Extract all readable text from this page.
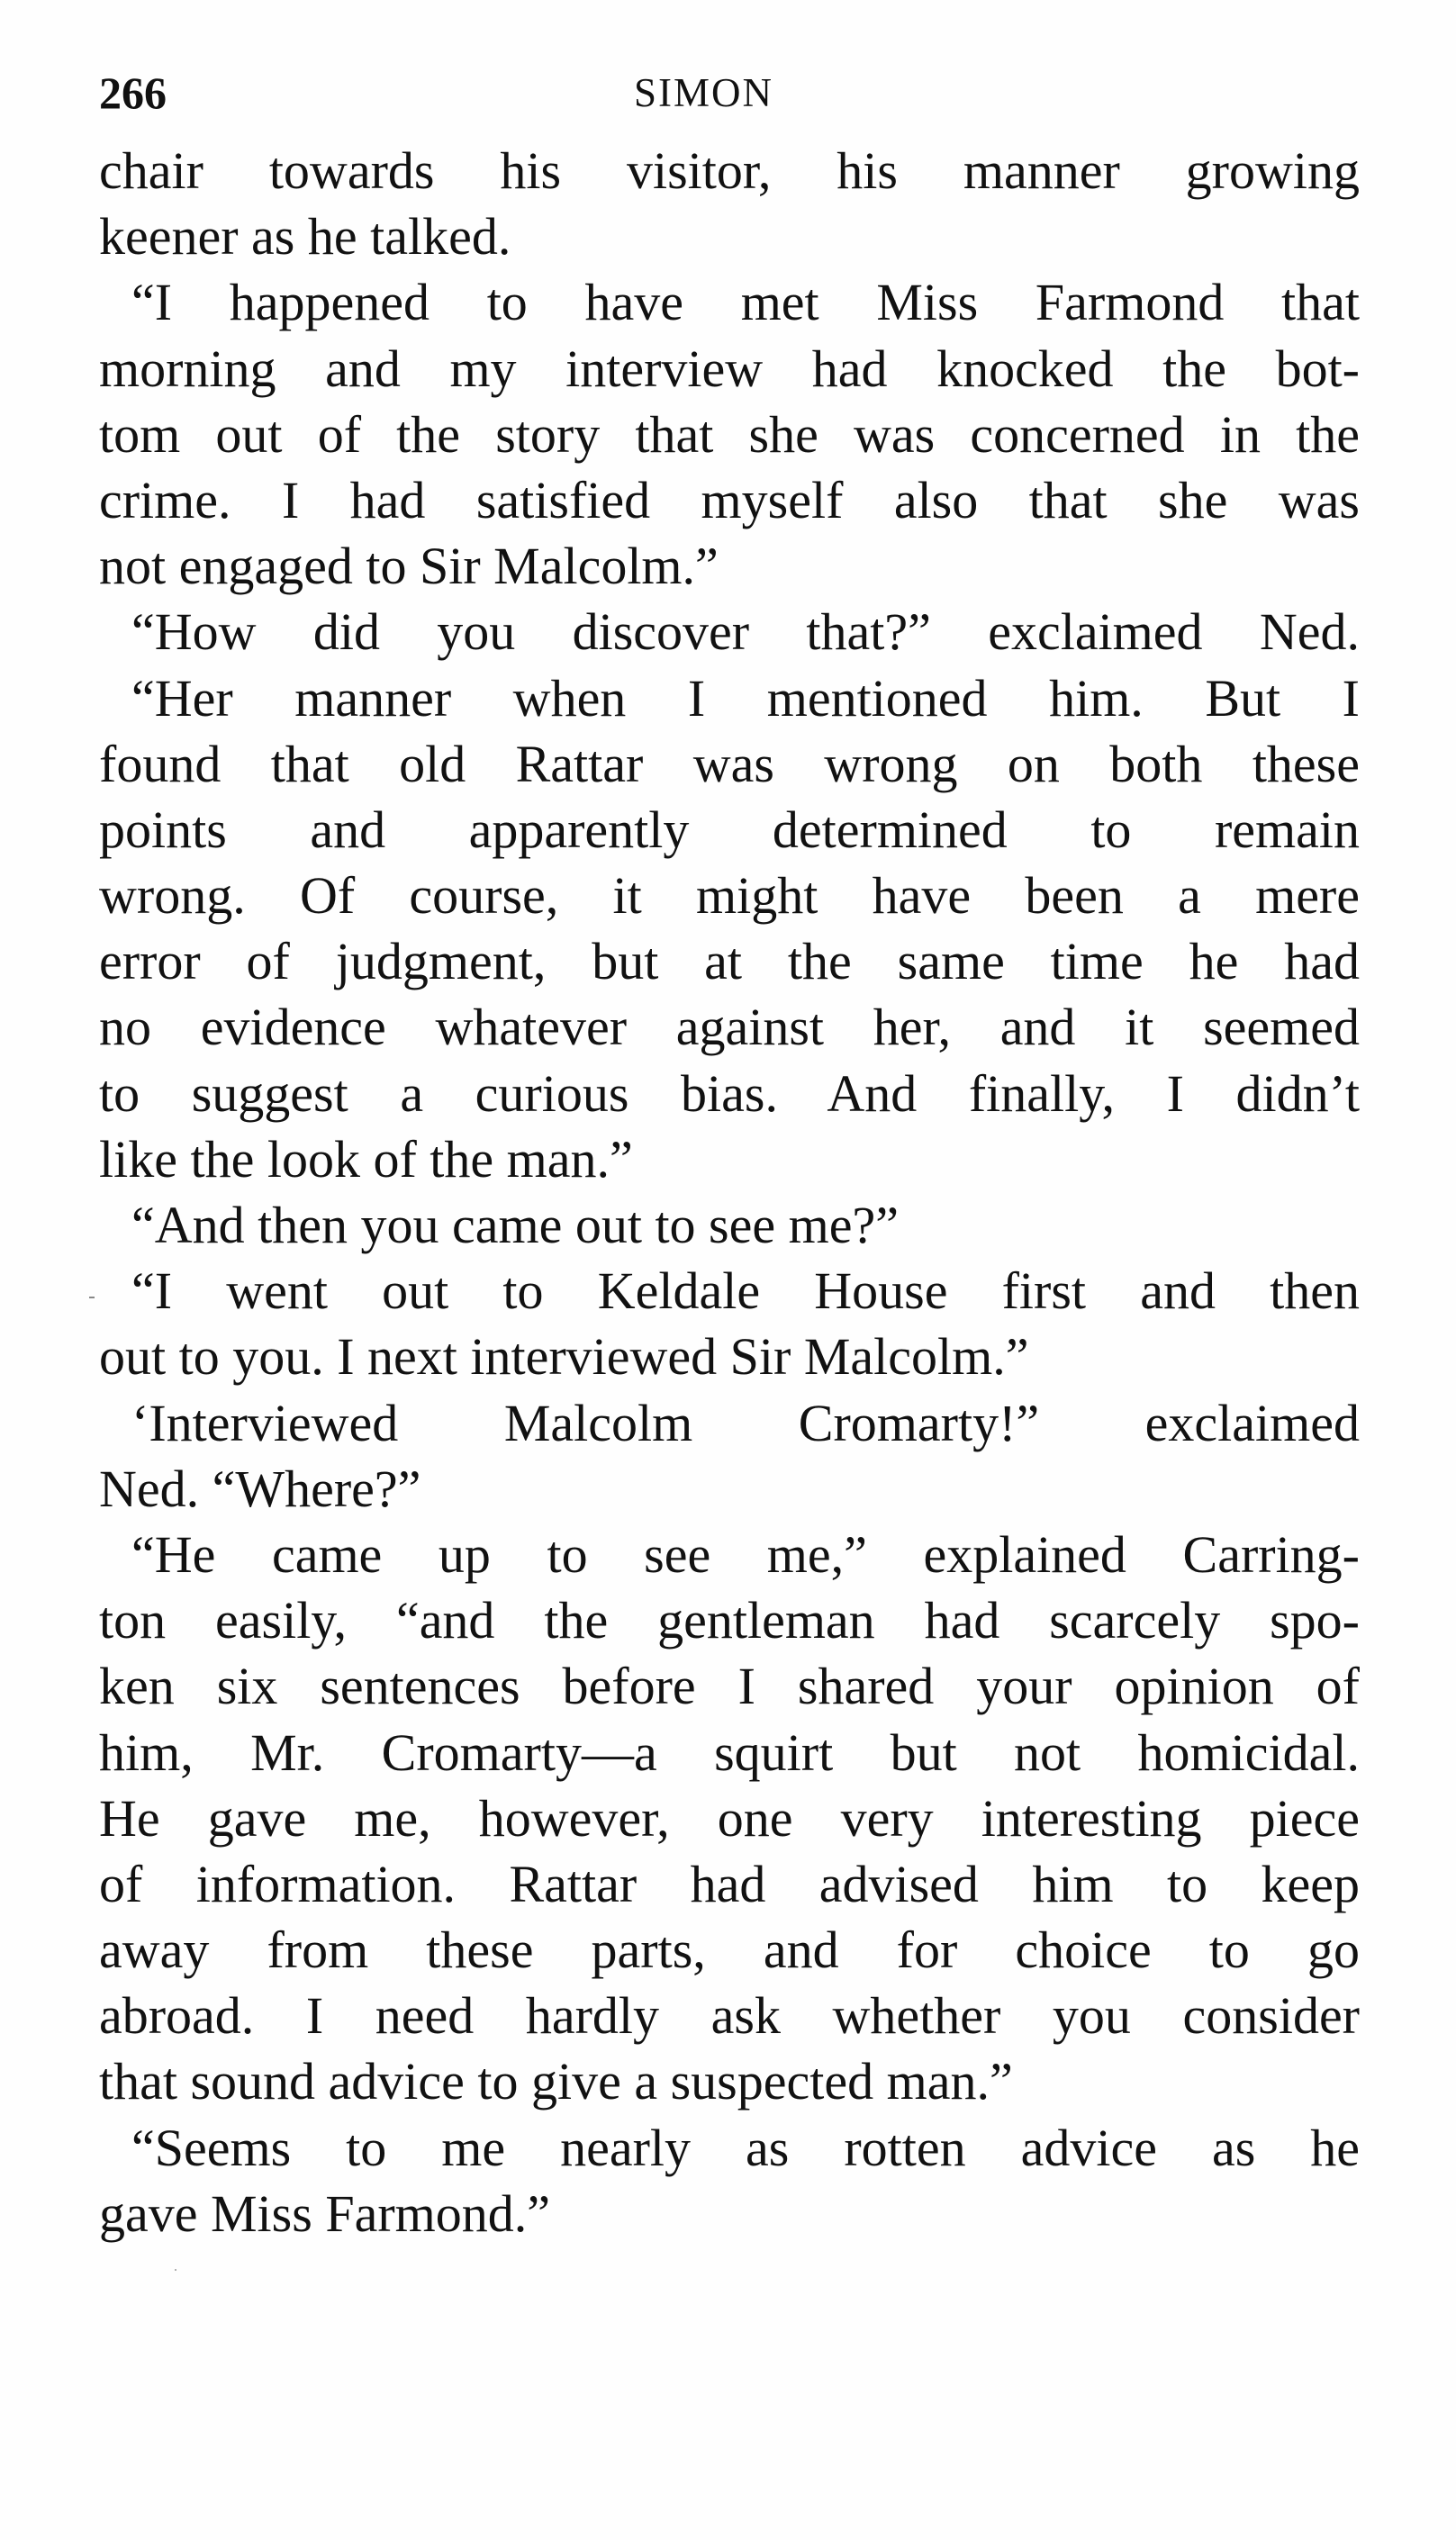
266	SIMON
chair towards his visitor, his manner growing
keener as he talked.
“I happened to have met Miss Farmond that
morning and my interview had knocked the bot-
tom out of the story that she was concerned in the
crime. I had satisfied myself also that she was
not engaged to Sir Malcolm.”
“How did you discover that?” exclaimed Ned.
“Her manner when I mentioned him. But I
found that old Rattar was wrong on both these
points and apparently determined to remain
wrong. Of course, it might have been a mere
error of judgment, but at the same time he had
no evidence whatever against her, and it seemed
to suggest a curious bias. And finally, I didn’t
like the look of the man.”
“And then you came out to see me?”
“I went out to Keldale House first and then
out to you. I next interviewed Sir Malcolm.”
‘Interviewed Malcolm Cromarty!” exclaimed
Ned. “Where?”
“He came up to see me,” explained Carring-
ton easily, “and the gentleman had scarcely spo-
ken six sentences before I shared your opinion of
him, Mr. Cromarty—a squirt but not homicidal.
He gave me, however, one very interesting piece
of information. Rattar had advised him to keep
away from these parts, and for choice to go
abroad. I need hardly ask whether you consider
that sound advice to give a suspected man.”
“Seems to me nearly as rotten advice as he
gave Miss Farmond.”
